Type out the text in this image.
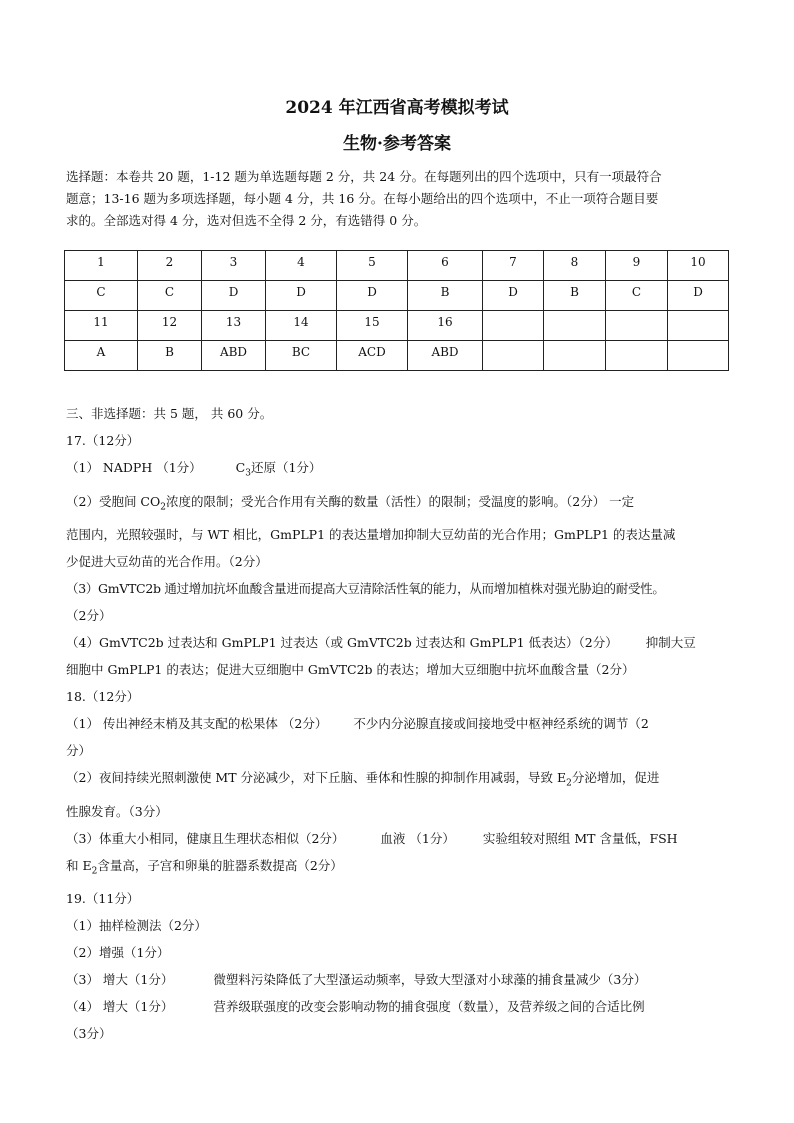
2024 年江西省高考模拟考试
生物·参考答案
选择题：本卷共 20 题，1-12 题为单选题每题 2 分，共 24 分。在每题列出的四个选项中，只有一项最符合
题意；13-16 题为多项选择题，每小题 4 分，共 16 分。在每小题给出的四个选项中，不止一项符合题目要
求的。全部选对得 4 分，选对但选不全得 2 分，有选错得 0 分。
1	2	3	4	5	6	7	8	9	10
C	C	D	D	D	B	D	B	C	D
11	12	13	14	15	16				
A	B	ABD	BC	ACD	ABD				
三、非选择题：共 5 题， 共 60 分。
17.（12分）
（1） NADPH （1分）	$C_3$还原（1分）
（2）受胞间 $CO_2$浓度的限制；受光合作用有关酶的数量（活性）的限制；受温度的影响。（2分） 一定
范围内，光照较强时，与 WT 相比，GmPLP1 的表达量增加抑制大豆幼苗的光合作用；GmPLP1 的表达量减
少促进大豆幼苗的光合作用。（2分）
（3）GmVTC2b 通过增加抗坏血酸含量进而提高大豆清除活性氧的能力，从而增加植株对强光胁迫的耐受性。
（2分）
（4）GmVTC2b 过表达和 GmPLP1 过表达（或 GmVTC2b 过表达和 GmPLP1 低表达）（2分） 抑制大豆
细胞中 GmPLP1 的表达；促进大豆细胞中 GmVTC2b 的表达；增加大豆细胞中抗坏血酸含量（2分）
18.（12分）
（1） 传出神经末梢及其支配的松果体 （2分） 不少内分泌腺直接或间接地受中枢神经系统的调节（2
分）
（2）夜间持续光照刺激使 MT 分泌减少，对下丘脑、垂体和性腺的抑制作用减弱，导致 $E_2$分泌增加，促进
性腺发育。（3分）
（3）体重大小相同，健康且生理状态相似（2分）	血液 （1分） 实验组较对照组 MT 含量低，FSH
和 $E_2$含量高，子宫和卵巢的脏器系数提高（2分）
19.（11分）
（1）抽样检测法（2分）
（2）增强（1分）
（3） 增大（1分）	微塑料污染降低了大型溞运动频率，导致大型溞对小球藻的捕食量减少（3分）
（4） 增大（1分）	营养级联强度的改变会影响动物的捕食强度（数量），及营养级之间的合适比例
（3分）
